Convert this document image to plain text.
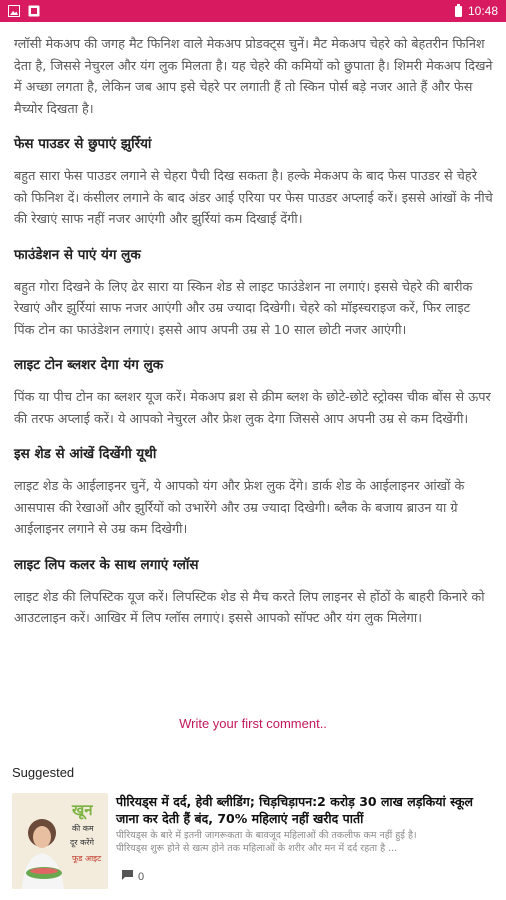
10:48

ग्लॉसी मेकअप की जगह मैट फिनिश वाले मेकअप प्रोडक्ट्स चुनें। मैट मेकअप चेहरे को बेहतरीन फिनिश देता है, जिससे नेचुरल और यंग लुक मिलता है। यह चेहरे की कमियों को छुपाता है। शिमरी मेकअप दिखने में अच्छा लगता है, लेकिन जब आप इसे चेहरे पर लगाती हैं तो स्किन पोर्स बड़े नजर आते हैं और फेस मैच्योर दिखता है।

फेस पाउडर से छुपाएं झुर्रियां

बहुत सारा फेस पाउडर लगाने से चेहरा पैची दिख सकता है। हल्के मेकअप के बाद फेस पाउडर से चेहरे को फिनिश दें। कंसीलर लगाने के बाद अंडर आई एरिया पर फेस पाउडर अप्लाई करें। इससे आंखों के नीचे की रेखाएं साफ नहीं नजर आएंगी और झुर्रियां कम दिखाई देंगी।

फाउंडेशन से पाएं यंग लुक

बहुत गोरा दिखने के लिए ढेर सारा या स्किन शेड से लाइट फाउंडेशन ना लगाएं। इससे चेहरे की बारीक रेखाएं और झुर्रियां साफ नजर आएंगी और उम्र ज्यादा दिखेगी। चेहरे को मॉइस्चराइज करें, फिर लाइट पिंक टोन का फाउंडेशन लगाएं। इससे आप अपनी उम्र से 10 साल छोटी नजर आएंगी।

लाइट टोन ब्लशर देगा यंग लुक

पिंक या पीच टोन का ब्लशर यूज करें। मेकअप ब्रश से क्रीम ब्लश के छोटे-छोटे स्ट्रोक्स चीक बोंस से ऊपर की तरफ अप्लाई करें। ये आपको नेचुरल और फ्रेश लुक देगा जिससे आप अपनी उम्र से कम दिखेंगी।

इस शेड से आंखें दिखेंगी यूथी

लाइट शेड के आईलाइनर चुनें, ये आपको यंग और फ्रेश लुक देंगे। डार्क शेड के आईलाइनर आंखों के आसपास की रेखाओं और झुर्रियों को उभारेंगे और उम्र ज्यादा दिखेगी। ब्लैक के बजाय ब्राउन या ग्रे आईलाइनर लगाने से उम्र कम दिखेगी।

लाइट लिप कलर के साथ लगाएं ग्लॉस

लाइट शेड की लिपस्टिक यूज करें। लिपस्टिक शेड से मैच करते लिप लाइनर से होंठों के बाहरी किनारे को आउटलाइन करें। आखिर में लिप ग्लॉस लगाएं। इससे आपको सॉफ्ट और यंग लुक मिलेगा।

Write your first comment..
Suggested
खून
की कम
दूर करेंगे
फूड आइट

पीरियड्स में दर्द, हेवी ब्लीडिंग; चिड़चिड़ापन:2 करोड़ 30 लाख लड़कियां स्कूल जाना कर देती हैं बंद, 70% महिलाएं नहीं खरीद पातीं

पीरियड्स के बारे में इतनी जागरूकता के बावजूद महिलाओं की तकलीफ कम नहीं हुई है।
पीरियड्स शुरू होने से खत्म होने तक महिलाओं के शरीर और मन में दर्द रहता है ...

0
